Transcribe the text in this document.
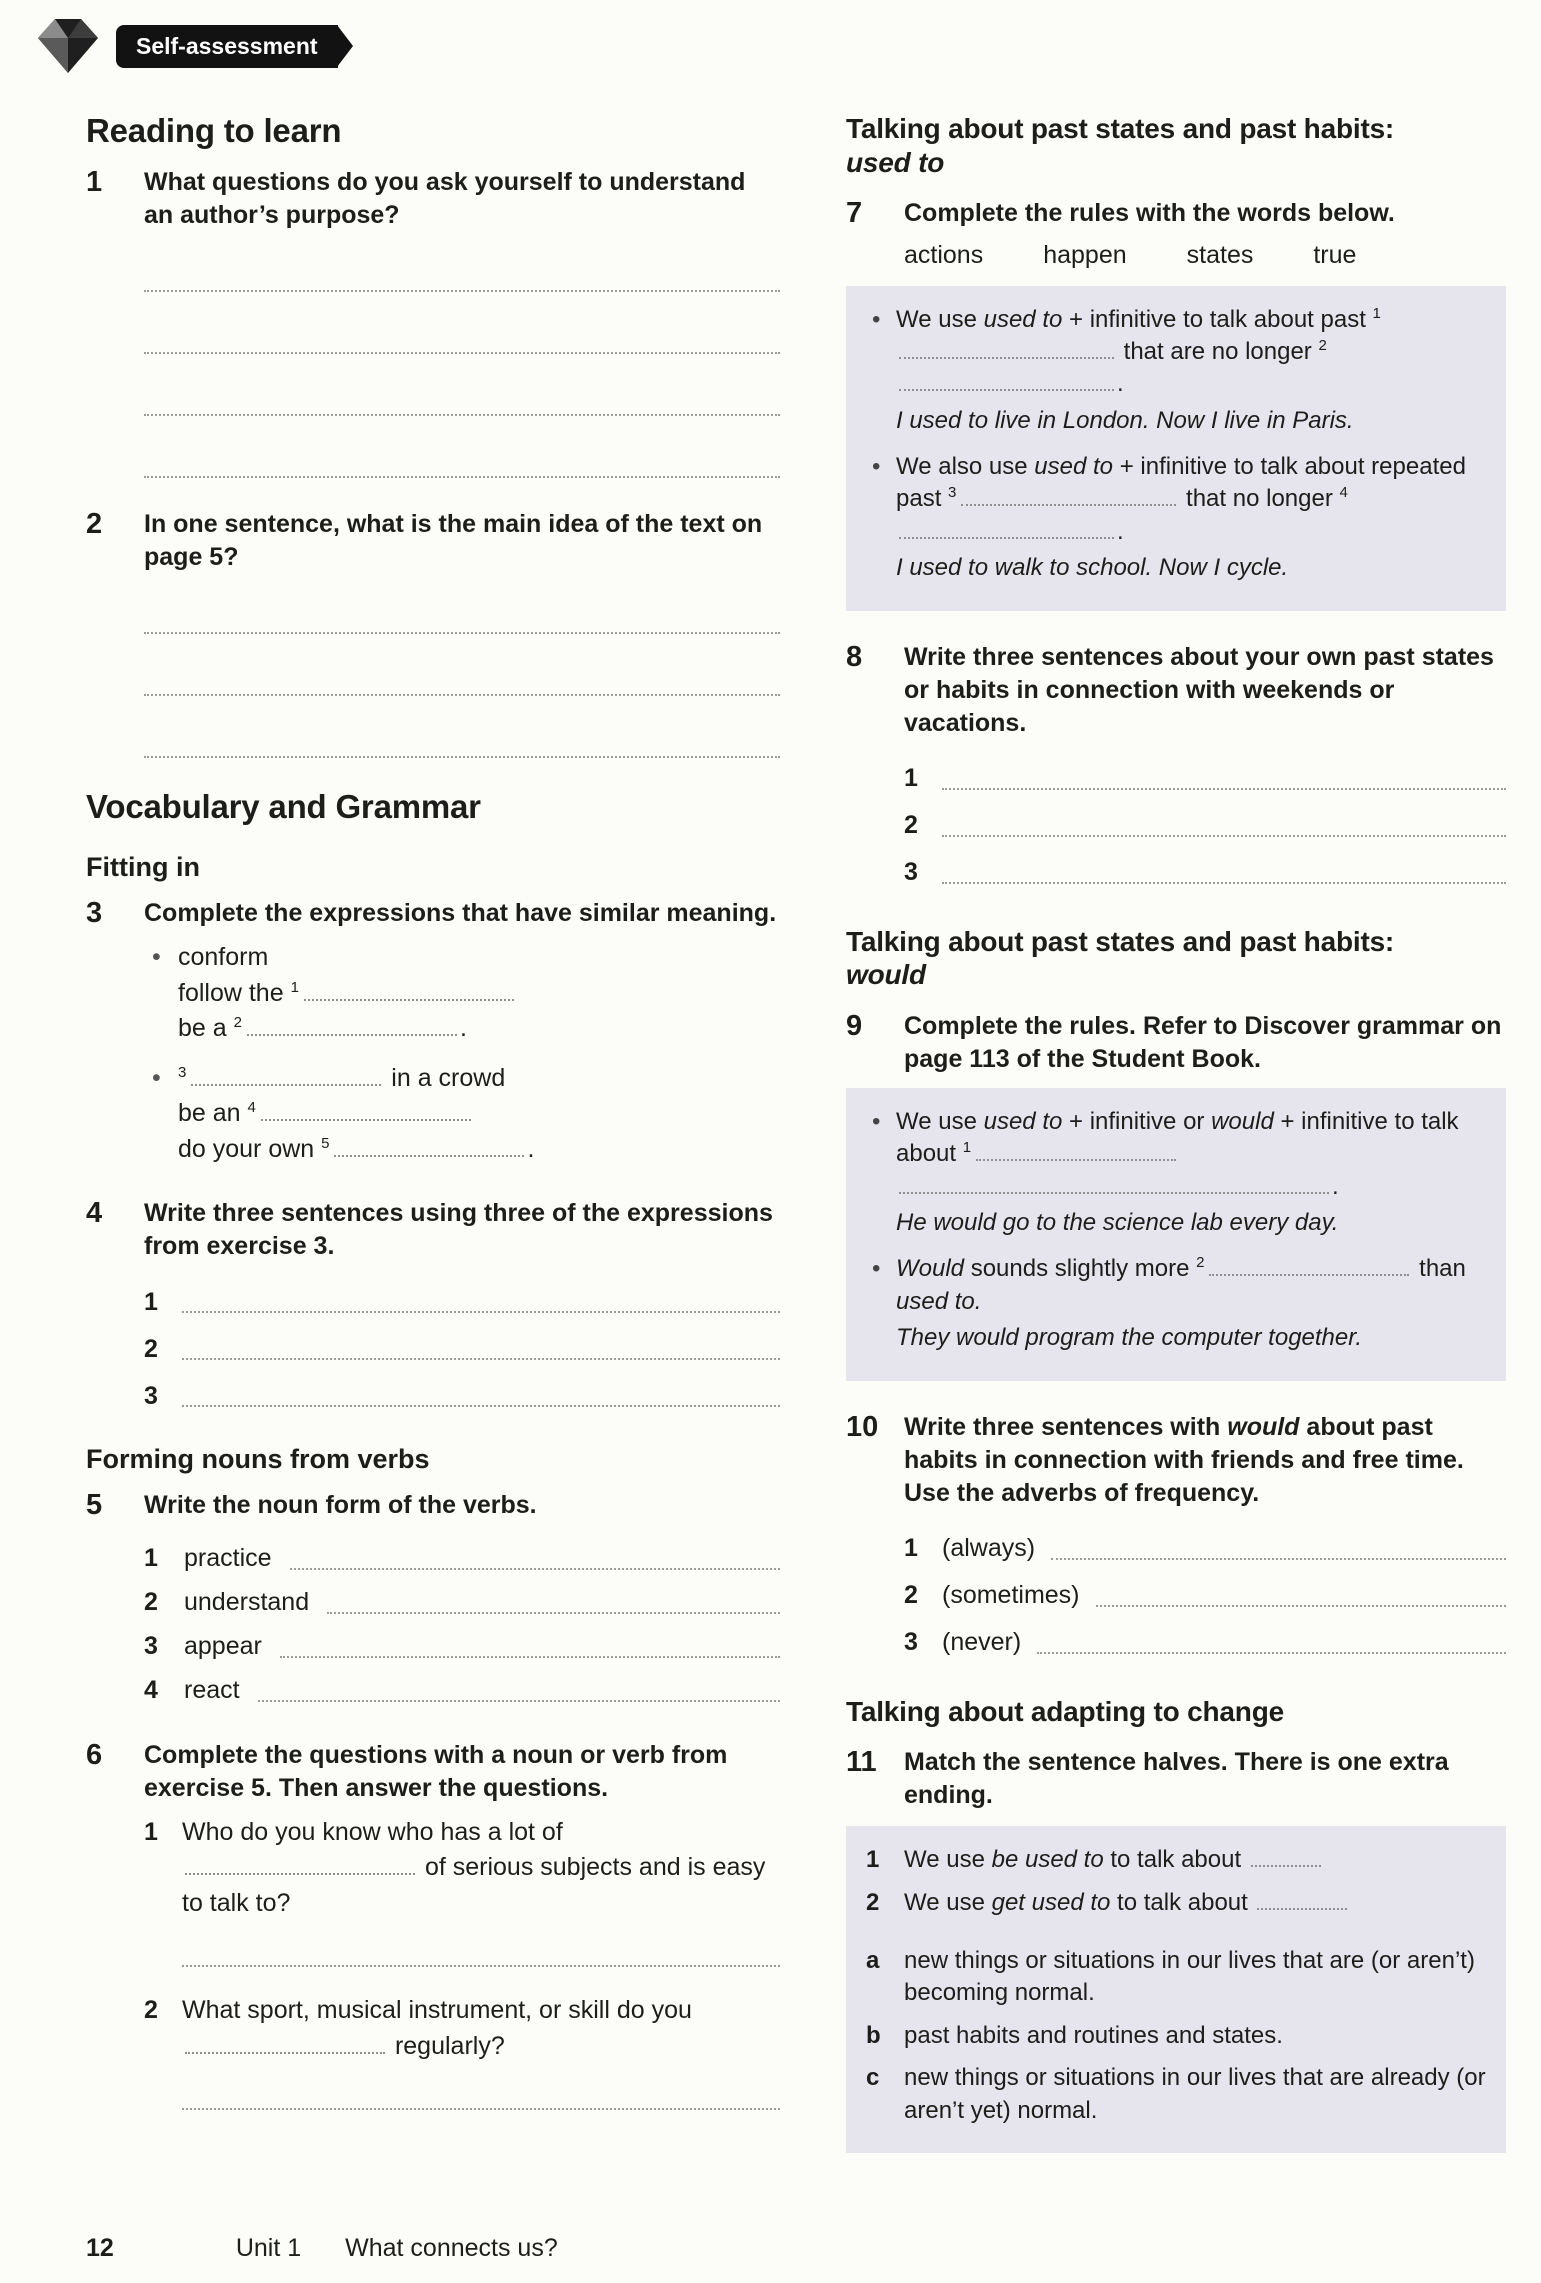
Self-assessment
Reading to learn
1	What questions do you ask yourself to understand an author’s purpose?
2	In one sentence, what is the main idea of the text on page 5?
Vocabulary and Grammar
Fitting in
3	Complete the expressions that have similar meaning.
• conform
follow the $^1$
be a $^2$	.
• $^3$	in a crowd
be an $^4$
do your own $^5$	.
4	Write three sentences using three of the expressions from exercise 3.
1
2
3
Forming nouns from verbs
5	Write the noun form of the verbs.
1	practice
2	understand
3	appear
4	react
6	Complete the questions with a noun or verb from exercise 5. Then answer the questions.
1 Who do you know who has a lot of  of serious subjects and is easy to talk to?
2 What sport, musical instrument, or skill do you  regularly?
Talking about past states and past habits:
used to
7	Complete the rules with the words below.
actions happen states true
• We use used to + infinitive to talk about past $^1$ that are no longer $^2$.
I used to live in London. Now I live in Paris.
• We also use used to + infinitive to talk about repeated past $^3$	that no longer $^4$.
I used to walk to school. Now I cycle.
8	Write three sentences about your own past states or habits in connection with weekends or vacations.
1
2
3
Talking about past states and past habits:
would
9	Complete the rules. Refer to Discover grammar on page 113 of the Student Book.
• We use used to + infinitive or would + infinitive to talk about $^1$
.
He would go to the science lab every day.
• Would sounds slightly more $^2$	than used to.
They would program the computer together.
10	Write three sentences with would about past habits in connection with friends and free time. Use the adverbs of frequency.
1 (always)
2 (sometimes)
3 (never)
Talking about adapting to change
11	Match the sentence halves. There is one extra ending.
1	We use be used to to talk about
2	We use get used to to talk about
a	new things or situations in our lives that are (or aren’t) becoming normal.
b past habits and routines and states.
c	new things or situations in our lives that are already (or aren’t yet) normal.
12	Unit 1 What connects us?
